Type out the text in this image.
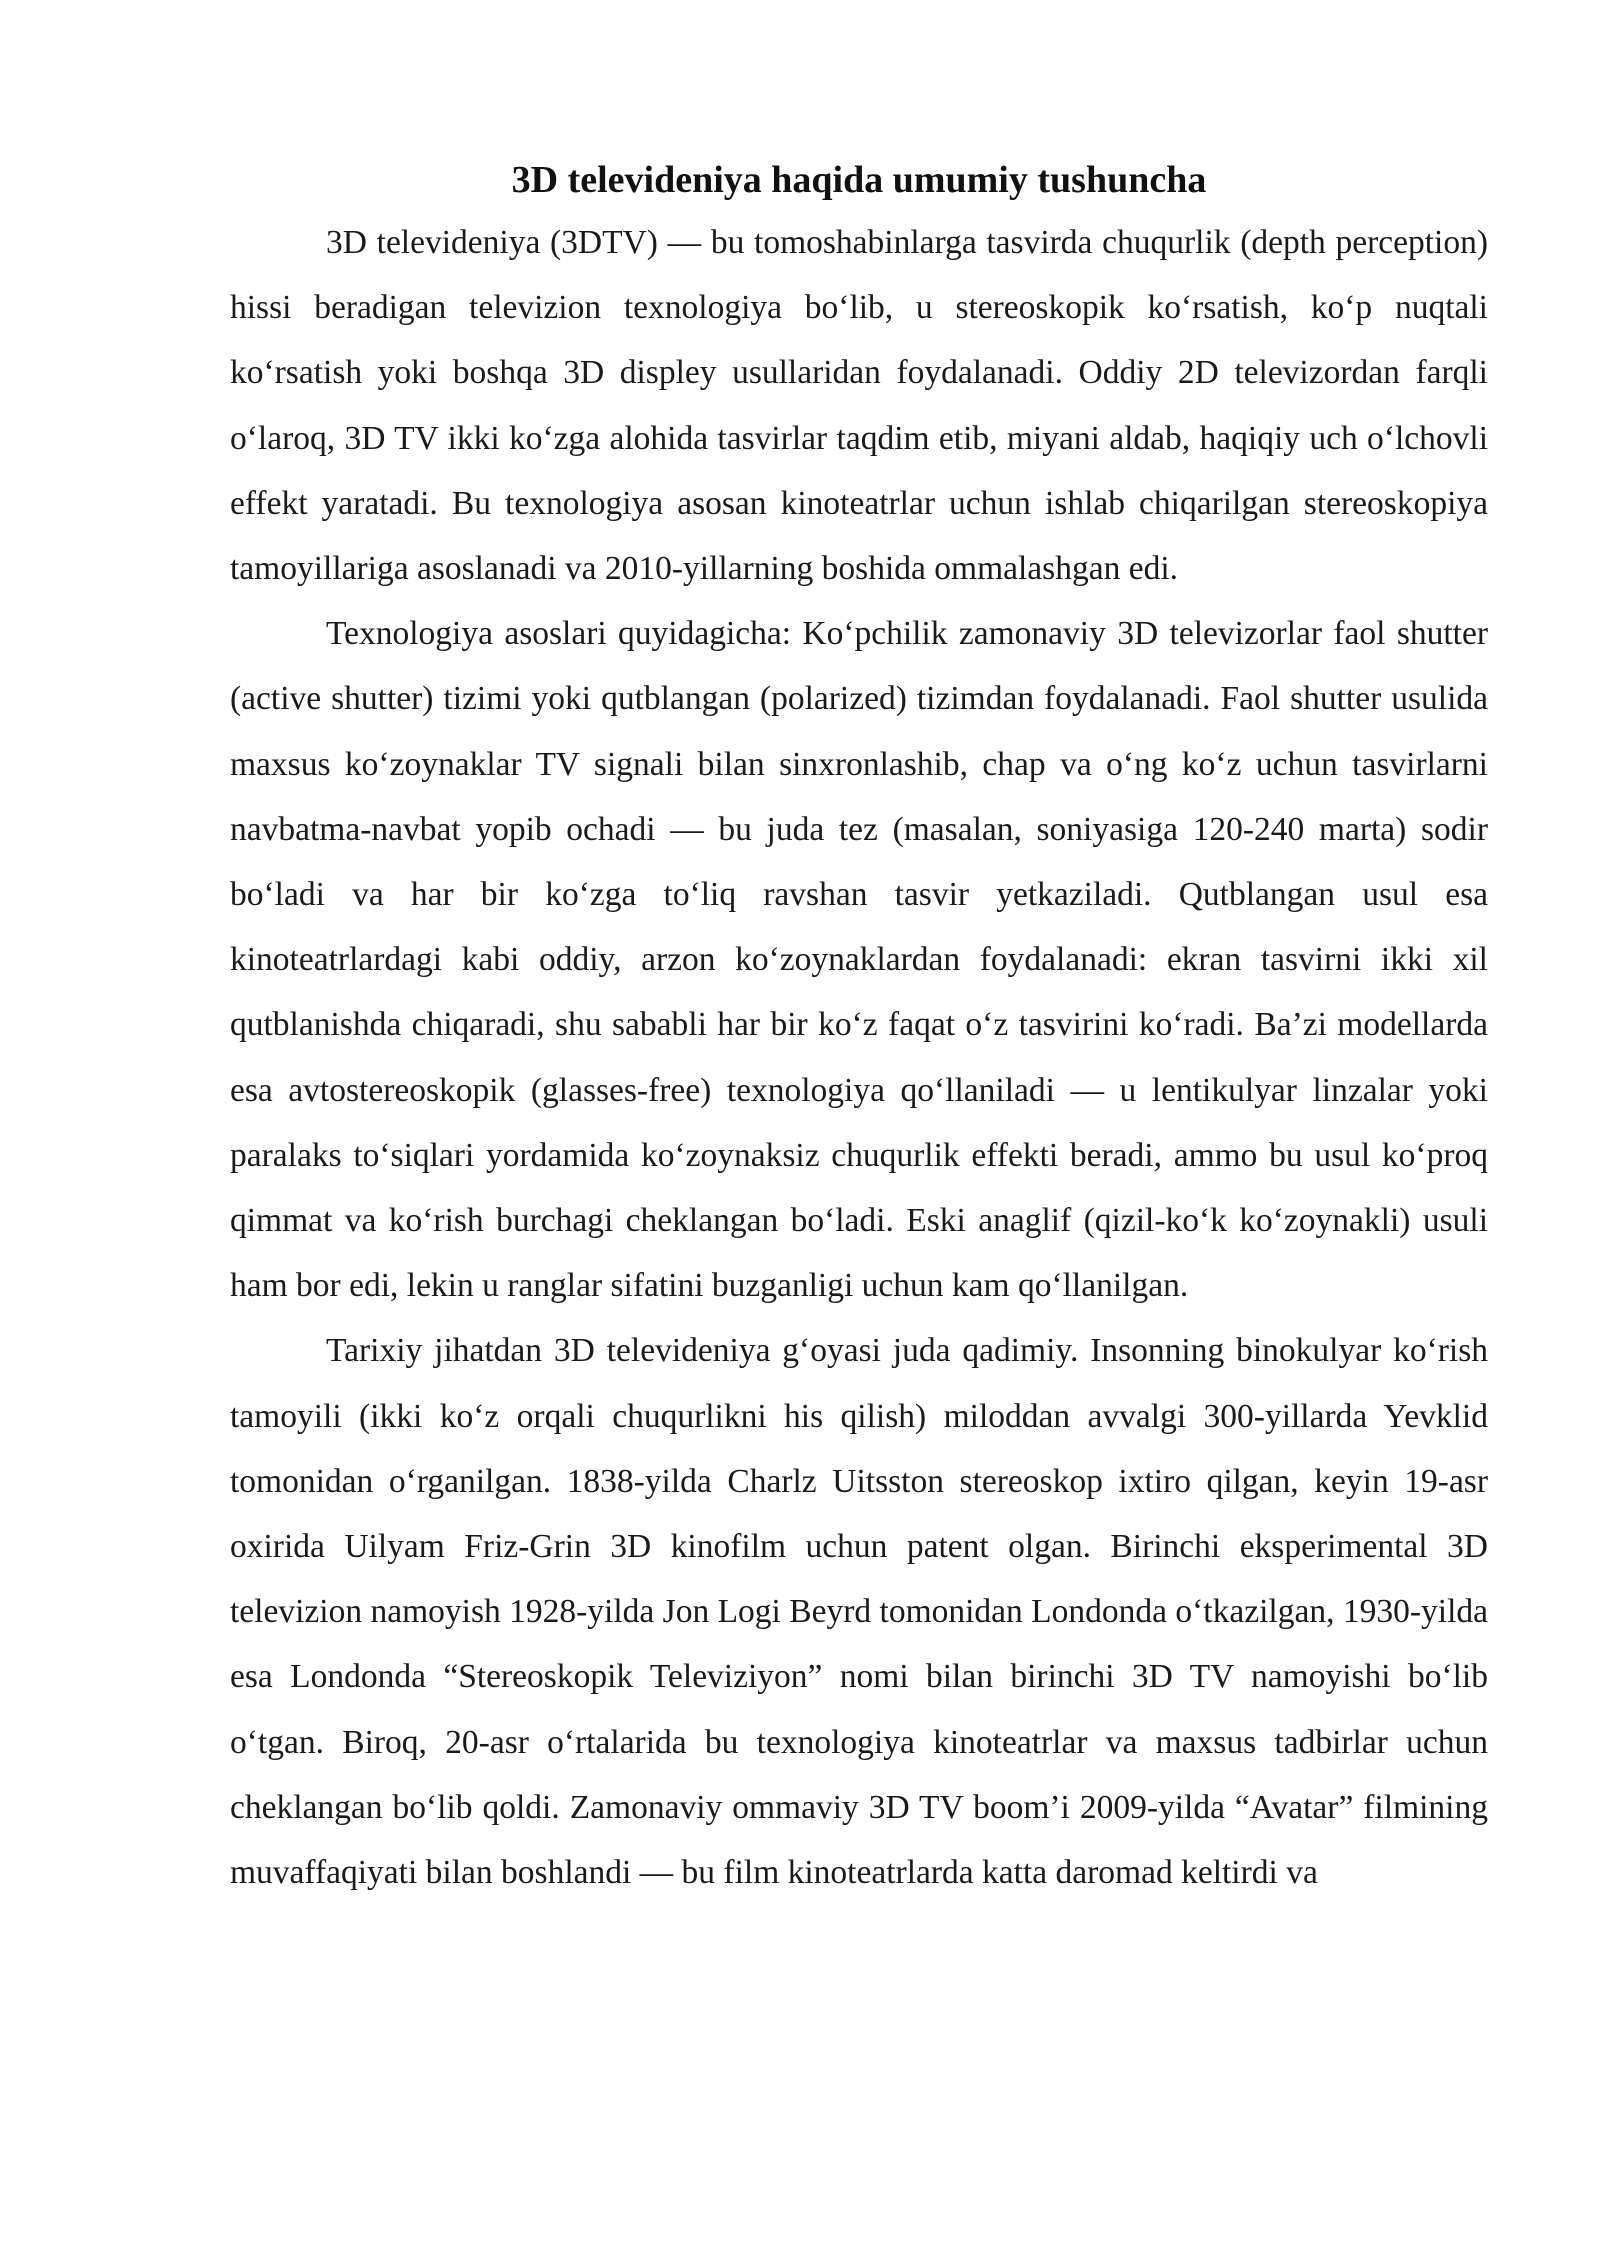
3D televideniya haqida umumiy tushuncha

3D televideniya (3DTV) — bu tomoshabinlarga tasvirda chuqurlik (depth perception) hissi beradigan televizion texnologiya bo‘lib, u stereoskopik ko‘rsatish, ko‘p nuqtali ko‘rsatish yoki boshqa 3D displey usullaridan foydalanadi. Oddiy 2D televizordan farqli o‘laroq, 3D TV ikki ko‘zga alohida tasvirlar taqdim etib, miyani aldab, haqiqiy uch o‘lchovli effekt yaratadi. Bu texnologiya asosan kinoteatrlar uchun ishlab chiqarilgan stereoskopiya tamoyillariga asoslanadi va 2010-yillarning boshida ommalashgan edi.

Texnologiya asoslari quyidagicha: Ko‘pchilik zamonaviy 3D televizorlar faol shutter (active shutter) tizimi yoki qutblangan (polarized) tizimdan foydalanadi. Faol shutter usulida maxsus ko‘zoynaklar TV signali bilan sinxronlashib, chap va o‘ng ko‘z uchun tasvirlarni navbatma-navbat yopib ochadi — bu juda tez (masalan, soniyasiga 120-240 marta) sodir bo‘ladi va har bir ko‘zga to‘liq ravshan tasvir yetkaziladi. Qutblangan usul esa kinoteatrlardagi kabi oddiy, arzon ko‘zoynaklardan foydalanadi: ekran tasvirni ikki xil qutblanishda chiqaradi, shu sababli har bir ko‘z faqat o‘z tasvirini ko‘radi. Ba’zi modellarda esa avtostereoskopik (glasses-free) texnologiya qo‘llaniladi — u lentikulyar linzalar yoki paralaks to‘siqlari yordamida ko‘zoynaksiz chuqurlik effekti beradi, ammo bu usul ko‘proq qimmat va ko‘rish burchagi cheklangan bo‘ladi. Eski anaglif (qizil-ko‘k ko‘zoynakli) usuli ham bor edi, lekin u ranglar sifatini buzganligi uchun kam qo‘llanilgan.

Tarixiy jihatdan 3D televideniya g‘oyasi juda qadimiy. Insonning binokulyar ko‘rish tamoyili (ikki ko‘z orqali chuqurlikni his qilish) miloddan avvalgi 300-yillarda Yevklid tomonidan o‘rganilgan. 1838-yilda Charlz Uitsston stereoskop ixtiro qilgan, keyin 19-asr oxirida Uilyam Friz-Grin 3D kinofilm uchun patent olgan. Birinchi eksperimental 3D televizion namoyish 1928-yilda Jon Logi Beyrd tomonidan Londonda o‘tkazilgan, 1930-yilda esa Londonda “Stereoskopik Televiziyon” nomi bilan birinchi 3D TV namoyishi bo‘lib o‘tgan. Biroq, 20-asr o‘rtalarida bu texnologiya kinoteatrlar va maxsus tadbirlar uchun cheklangan bo‘lib qoldi. Zamonaviy ommaviy 3D TV boom’i 2009-yilda “Avatar” filmining muvaffaqiyati bilan boshlandi — bu film kinoteatrlarda katta daromad keltirdi va
